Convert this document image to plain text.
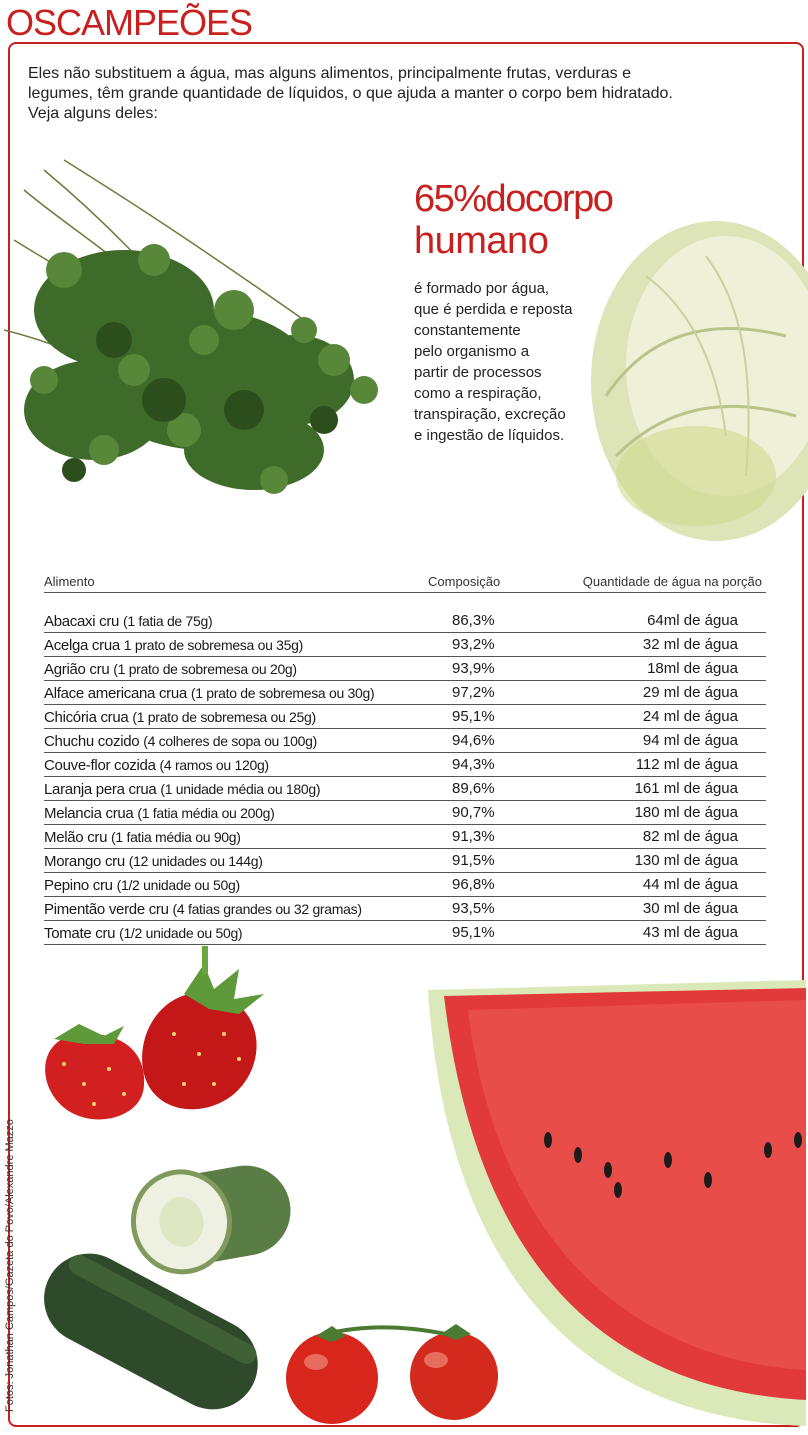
OSCAMPEÕES
Eles não substituem a água, mas alguns alimentos, principalmente frutas, verduras e legumes, têm grande quantidade de líquidos, o que ajuda a manter o corpo bem hidratado. Veja alguns deles:
65%docorpo
humano
é formado por água,
que é perdida e reposta
constantemente
pelo organismo a
partir de processos
como a respiração,
transpiração, excreção
e ingestão de líquidos.
Alimento	Composição	Quantidade de água na porção
Abacaxi cru (1 fatia de 75g)	86,3%	64ml de água
Acelga crua 1 prato de sobremesa ou 35g)	93,2%	32 ml de água
Agrião cru (1 prato de sobremesa ou 20g)	93,9%	18ml de água
Alface americana crua (1 prato de sobremesa ou 30g)	97,2%	29 ml de água
Chicória crua (1 prato de sobremesa ou 25g)	95,1%	24 ml de água
Chuchu cozido (4 colheres de sopa ou 100g)	94,6%	94 ml de água
Couve-flor cozida (4 ramos ou 120g)	94,3%	112 ml de água
Laranja pera crua (1 unidade média ou 180g)	89,6%	161 ml de água
Melancia crua (1 fatia média ou 200g)	90,7%	180 ml de água
Melão cru (1 fatia média ou 90g)	91,3%	82 ml de água
Morango cru (12 unidades ou 144g)	91,5%	130 ml de água
Pepino cru (1/2 unidade ou 50g)	96,8%	44 ml de água
Pimentão verde cru (4 fatias grandes ou 32 gramas)	93,5%	30 ml de água
Tomate cru (1/2 unidade ou 50g)	95,1%	43 ml de água
Fotos: Jonathan Campos/Gazeta do Povo/Alexandre Mazzo
